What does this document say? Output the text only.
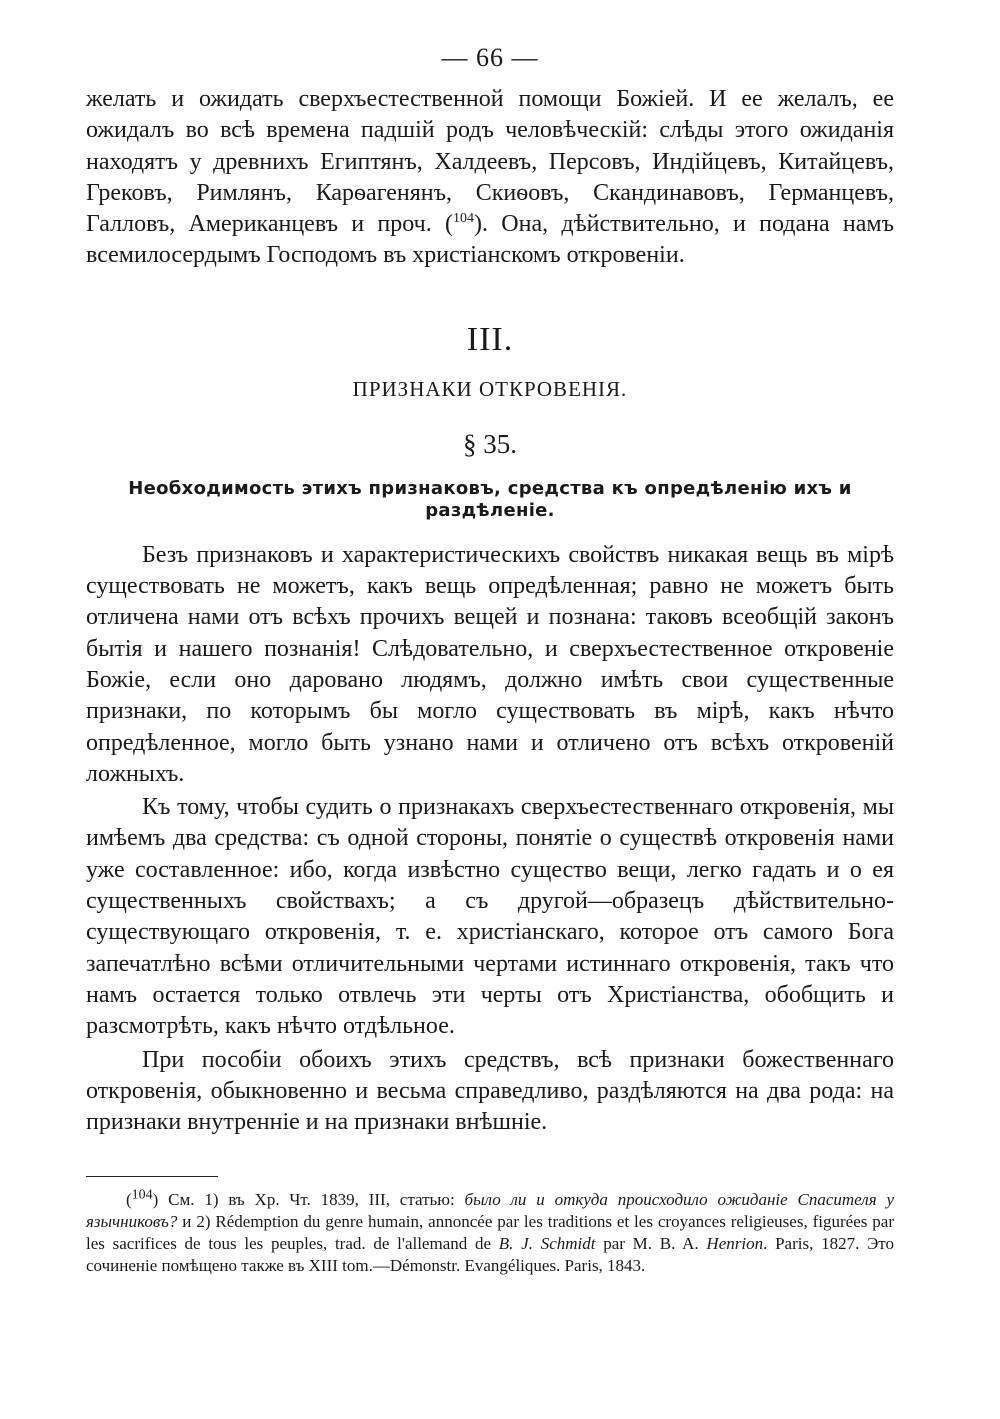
— 66 —

желать и ожидать сверхъестественной помощи Божіей. И ее желалъ, ее ожидалъ во всѣ времена падшій родъ человѣческій: слѣды этого ожиданія находятъ у древнихъ Египтянъ, Халдеевъ, Персовъ, Индійцевъ, Китайцевъ, Грековъ, Римлянъ, Карѳагенянъ, Скиѳовъ, Скандинавовъ, Германцевъ, Галловъ, Американцевъ и проч. ($^{104}$). Она, дѣйствительно, и подана намъ всемилосердымъ Господомъ въ христіанскомъ откровеніи.

III.
ПРИЗНАКИ ОТКРОВЕНІЯ.
§ 35.
Необходимость этихъ признаковъ, средства къ опредѣленію ихъ и раздѣленіе.

Безъ признаковъ и характеристическихъ свойствъ никакая вещь въ мірѣ существовать не можетъ, какъ вещь опредѣленная; равно не можетъ быть отличена нами отъ всѣхъ прочихъ вещей и познана: таковъ всеобщій законъ бытія и нашего познанія! Слѣдовательно, и сверхъестественное откровеніе Божіе, если оно даровано людямъ, должно имѣть свои существенные признаки, по которымъ бы могло существовать въ мірѣ, какъ нѣчто опредѣленное, могло быть узнано нами и отличено отъ всѣхъ откровеній ложныхъ.

Къ тому, чтобы судить о признакахъ сверхъестественнаго откровенія, мы имѣемъ два средства: съ одной стороны, понятіе о существѣ откровенія нами уже составленное: ибо, когда извѣстно существо вещи, легко гадать и о ея существенныхъ свойствахъ; а съ другой—образецъ дѣйствительно-существующаго откровенія, т. е. христіанскаго, которое отъ самого Бога запечатлѣно всѣми отличительными чертами истиннаго откровенія, такъ что намъ остается только отвлечь эти черты отъ Христіанства, обобщить и разсмотрѣть, какъ нѣчто отдѣльное.

При пособіи обоихъ этихъ средствъ, всѣ признаки божественнаго откровенія, обыкновенно и весьма справедливо, раздѣляются на два рода: на признаки внутренніе и на признаки внѣшніе.

($^{104}$) См. 1) въ Хр. Чт. 1839, III, статью: было ли и откуда происходило ожиданіе Спасителя у язычниковъ? и 2) Rédemption du genre humain, annoncée par les traditions et les croyances religieuses, figurées par les sacrifices de tous les peuples, trad. de l'allemand de B. J. Schmidt par M. B. A. Henrion. Paris, 1827. Это сочиненіе помѣщено также въ XIII tom.—Démonstr. Evangéliques. Paris, 1843.
